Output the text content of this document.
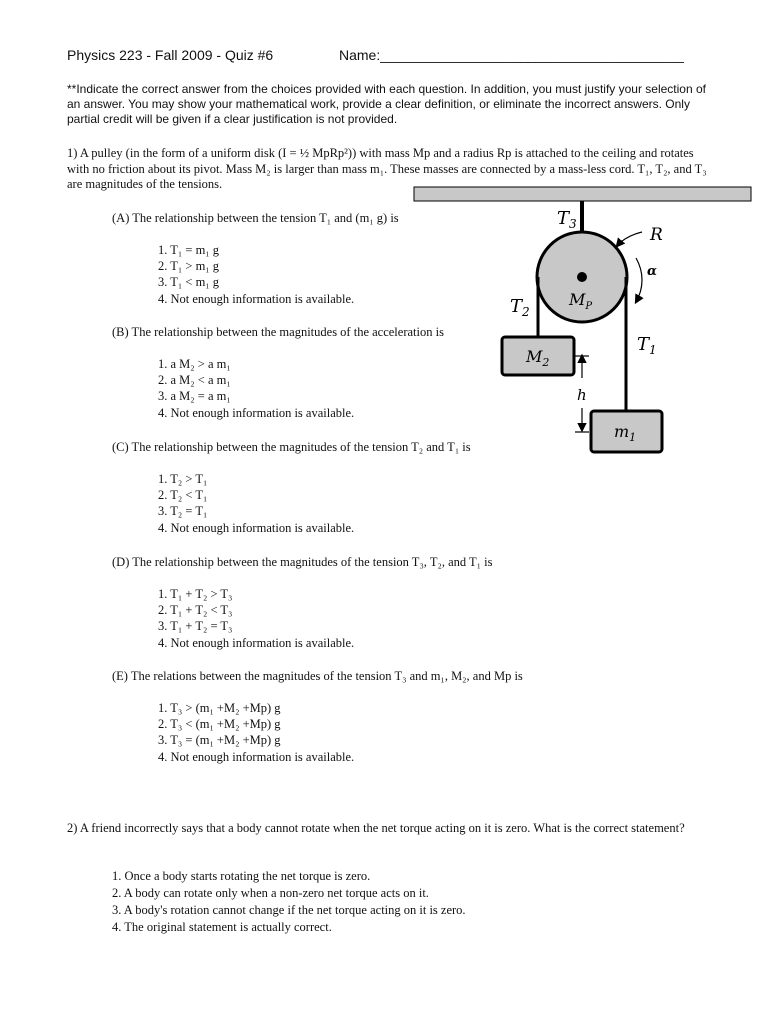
Physics 223 - Fall 2009 - Quiz #6	Name:_______________________________________
**Indicate the correct answer from the choices provided with each question. In addition, you must justify your selection of an answer. You may show your mathematical work, provide a clear definition, or eliminate the incorrect answers. Only partial credit will be given if a clear justification is not provided.
1) A pulley (in the form of a uniform disk (I = ½ MpRp²)) with mass Mp and a radius Rp is attached to the ceiling and rotates with no friction about its pivot. Mass M₂ is larger than mass m₁. These masses are connected by a mass-less cord. T₁, T₂, and T₃ are magnitudes of the tensions.
(A) The relationship between the tension T₁ and (m₁ g) is
1. T₁ = m₁ g
2. T₁ > m₁ g
3. T₁ < m₁ g
4. Not enough information is available.
(B) The relationship between the magnitudes of the acceleration is
1. a M₂ > a m₁
2. a M₂ < a m₁
3. a M₂ = a m₁
4. Not enough information is available.
(C) The relationship between the magnitudes of the tension T₂ and T₁ is
1. T₂ > T₁
2. T₂ < T₁
3. T₂ = T₁
4. Not enough information is available.
(D) The relationship between the magnitudes of the tension T₃, T₂, and T₁ is
1. T₁ + T₂ > T₃
2. T₁ + T₂ < T₃
3. T₁ + T₂ = T₃
4. Not enough information is available.
(E) The relations between the magnitudes of the tension T₃ and m₁, M₂, and Mp is
1. T₃ > (m₁ +M₂ +Mp) g
2. T₃ < (m₁ +M₂ +Mp) g
3. T₃ = (m₁ +M₂ +Mp) g
4. Not enough information is available.
2) A friend incorrectly says that a body cannot rotate when the net torque acting on it is zero. What is the correct statement?
1. Once a body starts rotating the net torque is zero.
2. A body can rotate only when a non-zero net torque acts on it.
3. A body's rotation cannot change if the net torque acting on it is zero.
4. The original statement is actually correct.
$T_3$
R
α
$T_2$
$M_P$
$T_1$
$M_2$
h
$m_1$
